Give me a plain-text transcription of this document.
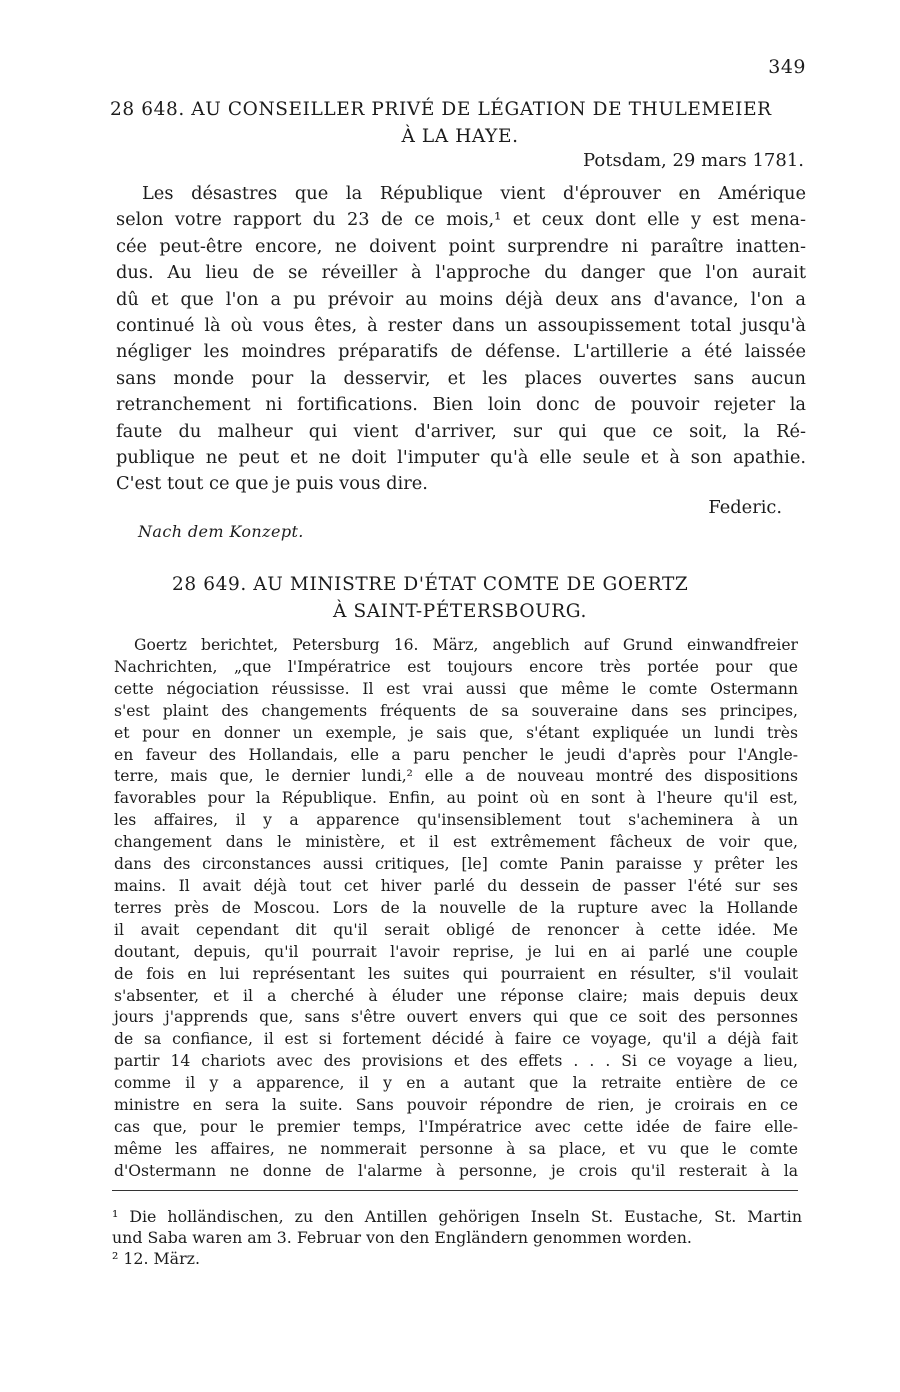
349
28 648. AU CONSEILLER PRIVÉ DE LÉGATION DE THULEMEIER
À LA HAYE.
Potsdam, 29 mars 1781.
Les désastres que la République vient d'éprouver en Amérique
selon votre rapport du 23 de ce mois,¹ et ceux dont elle y est mena-
cée peut-être encore, ne doivent point surprendre ni paraître inatten-
dus. Au lieu de se réveiller à l'approche du danger que l'on aurait
dû et que l'on a pu prévoir au moins déjà deux ans d'avance, l'on a
continué là où vous êtes, à rester dans un assoupissement total jusqu'à
négliger les moindres préparatifs de défense. L'artillerie a été laissée
sans monde pour la desservir, et les places ouvertes sans aucun
retranchement ni fortifications. Bien loin donc de pouvoir rejeter la
faute du malheur qui vient d'arriver, sur qui que ce soit, la Ré-
publique ne peut et ne doit l'imputer qu'à elle seule et à son apathie.
C'est tout ce que je puis vous dire.
Federic.
Nach dem Konzept.
28 649. AU MINISTRE D'ÉTAT COMTE DE GOERTZ
À SAINT-PÉTERSBOURG.
Goertz berichtet, Petersburg 16. März, angeblich auf Grund einwandfreier
Nachrichten, „que l'Impératrice est toujours encore très portée pour que
cette négociation réussisse. Il est vrai aussi que même le comte Ostermann
s'est plaint des changements fréquents de sa souveraine dans ses principes,
et pour en donner un exemple, je sais que, s'étant expliquée un lundi très
en faveur des Hollandais, elle a paru pencher le jeudi d'après pour l'Angle-
terre, mais que, le dernier lundi,² elle a de nouveau montré des dispositions
favorables pour la République. Enfin, au point où en sont à l'heure qu'il est,
les affaires, il y a apparence qu'insensiblement tout s'acheminera à un
changement dans le ministère, et il est extrêmement fâcheux de voir que,
dans des circonstances aussi critiques, [le] comte Panin paraisse y prêter les
mains. Il avait déjà tout cet hiver parlé du dessein de passer l'été sur ses
terres près de Moscou. Lors de la nouvelle de la rupture avec la Hollande
il avait cependant dit qu'il serait obligé de renoncer à cette idée. Me
doutant, depuis, qu'il pourrait l'avoir reprise, je lui en ai parlé une couple
de fois en lui représentant les suites qui pourraient en résulter, s'il voulait
s'absenter, et il a cherché à éluder une réponse claire; mais depuis deux
jours j'apprends que, sans s'être ouvert envers qui que ce soit des personnes
de sa confiance, il est si fortement décidé à faire ce voyage, qu'il a déjà fait
partir 14 chariots avec des provisions et des effets . . . Si ce voyage a lieu,
comme il y a apparence, il y en a autant que la retraite entière de ce
ministre en sera la suite. Sans pouvoir répondre de rien, je croirais en ce
cas que, pour le premier temps, l'Impératrice avec cette idée de faire elle-
même les affaires, ne nommerait personne à sa place, et vu que le comte
d'Ostermann ne donne de l'alarme à personne, je crois qu'il resterait à la
¹ Die holländischen, zu den Antillen gehörigen Inseln St. Eustache, St. Martin
und Saba waren am 3. Februar von den Engländern genommen worden.
² 12. März.
